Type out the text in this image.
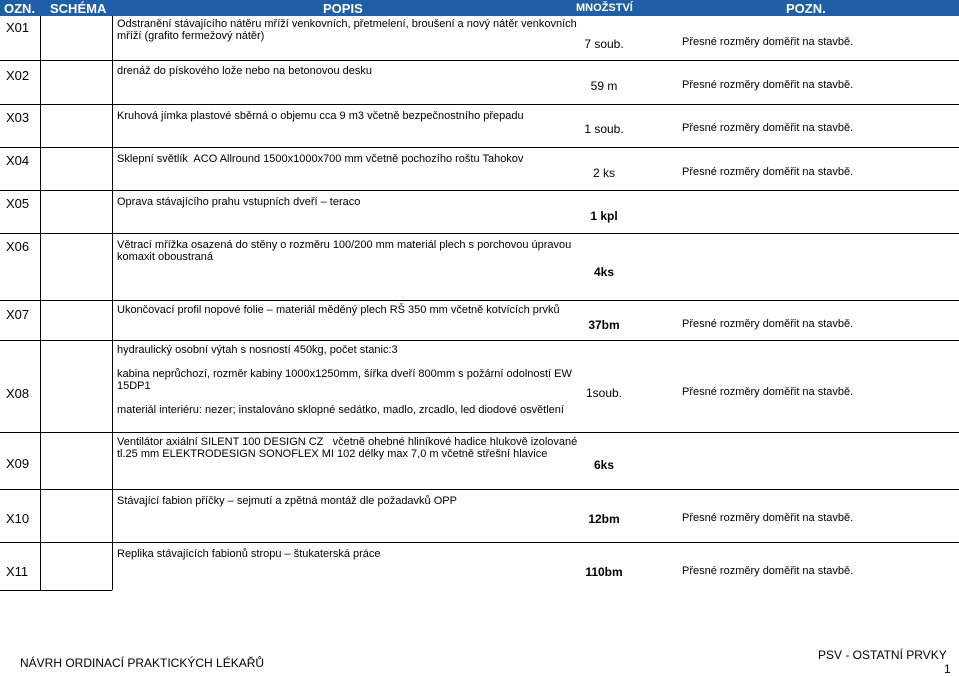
OZN. SCHÉMA	POPIS	MNOŽSTVÍ	POZN.
X01	Odstranění stávajícího nátěru mříží venkovních, přetmelení, broušení a nový nátěr venkovních
mříží (grafito fermežový nátěr)
7 soub.	Přesné rozměry doměřit na stavbě.
X02	drenáž do pískového lože nebo na betonovou desku
59 m	Přesné rozměry doměřit na stavbě.
X03	Kruhová jímka plastové sběrná o objemu cca 9 m3 včetně bezpečnostního přepadu
1 soub.	Přesné rozměry doměřit na stavbě.
X04	Sklepní světlík  ACO Allround 1500x1000x700 mm včetně pochozího roštu Tahokov
2 ks	Přesné rozměry doměřit na stavbě.
X05	Oprava stávajícího prahu vstupních dveří – teraco
1 kpl
X06	Větrací mřížka osazená do stěny o rozměru 100/200 mm materiál plech s porchovou úpravou
komaxit oboustraná
4ks
X07	Ukončovací profil nopové folie – materiál měděný plech RŠ 350 mm včetně kotvících prvků
37bm	Přesné rozměry doměřit na stavbě.
X08
hydraulický osobní výtah s nosností 450kg, počet stanic:3

kabina neprůchozí, rozměr kabiny 1000x1250mm, šířka dveří 800mm s požární odolností EW
15DP1

materiál interiéru: nezer; instalováno sklopné sedátko, madlo, zrcadlo, led diodové osvětlení
1soub.	Přesné rozměry doměřit na stavbě.
X09
Ventilátor axiální SILENT 100 DESIGN CZ   včetně ohebné hliníkové hadice hlukově izolované
tl.25 mm ELEKTRODESIGN SONOFLEX MI 102 délky max 7,0 m včetně střešní hlavice
6ks
X10
Stávající fabion příčky – sejmutí a zpětná montáž dle požadavků OPP
12bm	Přesné rozměry doměřit na stavbě.
X11
Replika stávajících fabionů stropu – štukaterská práce
110bm	Přesné rozměry doměřit na stavbě.
NÁVRH ORDINACÍ PRAKTICKÝCH LÉKAŘŮ
PSV - OSTATNÍ PRVKY
1
